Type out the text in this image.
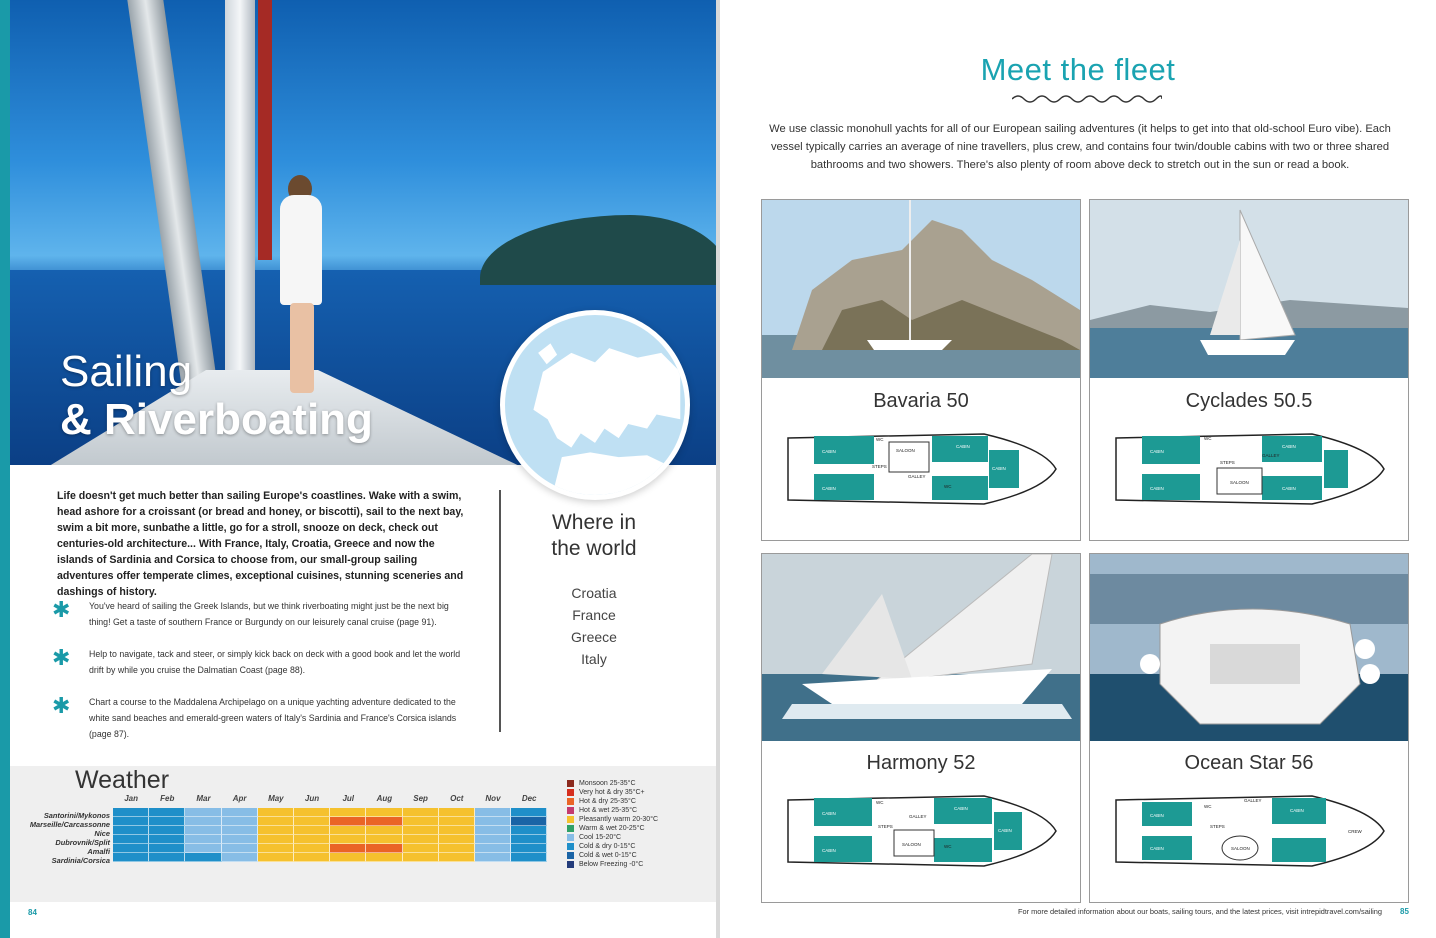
Sailing
& Riverboating

Life doesn't get much better than sailing Europe's coastlines. Wake with a swim, head ashore for a croissant (or bread and honey, or biscotti), sail to the next bay, swim a bit more, sunbathe a little, go for a stroll, snooze on deck, check out centuries-old architecture... With France, Italy, Croatia, Greece and now the islands of Sardinia and Corsica to choose from, our small-group sailing adventures offer temperate climes, exceptional cuisines, stunning sceneries and dashings of history.

✱	You've heard of sailing the Greek Islands, but we think riverboating might just be the next big thing! Get a taste of southern France or Burgundy on our leisurely canal cruise (page 91).
✱	Help to navigate, tack and steer, or simply kick back on deck with a good book and let the world drift by while you cruise the Dalmatian Coast (page 88).
✱	Chart a course to the Maddalena Archipelago on a unique yachting adventure dedicated to the white sand beaches and emerald-green waters of Italy's Sardinia and France's Corsica islands (page 87).
Where in
the world
Croatia
France
Greece
Italy
Weather
Jan	Feb	Mar	Apr	May	Jun	Jul	Aug	Sep	Oct	Nov	Dec
Santorini/Mykonos
Marseille/Carcassonne
Nice
Dubrovnik/Split
Amalfi
Sardinia/Corsica
Monsoon 25-35°C
Very hot & dry 35°C+
Hot & dry 25-35°C
Hot & wet 25-35°C
Pleasantly warm 20-30°C
Warm & wet 20-25°C
Cool 15-20°C
Cold & dry 0-15°C
Cold & wet 0-15°C
Below Freezing -0°C
84
Meet the fleet

We use classic monohull yachts for all of our European sailing adventures (it helps to get into that old-school Euro vibe). Each vessel typically carries an average of nine travellers, plus crew, and contains four twin/double cabins with two or three shared bathrooms and two showers. There's also plenty of room above deck to stretch out in the sun or read a book.

Bavaria 50
CABIN
WC
SALOON
GALLEY
STEPS
CABIN
CABIN
CABIN
WC
Cyclades 50.5
CABIN
GALLEY
STEPS
SALOON
CABIN
CABIN
CABIN
WC
Harmony 52
CABIN
WC
GALLEY
STEPS
SALOON
CABIN
CABIN
CABIN
WC
Ocean Star 56
CABIN
GALLEY
STEPS
SALOON
CABIN
CABIN
CREW
WC
For more detailed information about our boats, sailing tours, and the latest prices, visit intrepidtravel.com/sailing 85
